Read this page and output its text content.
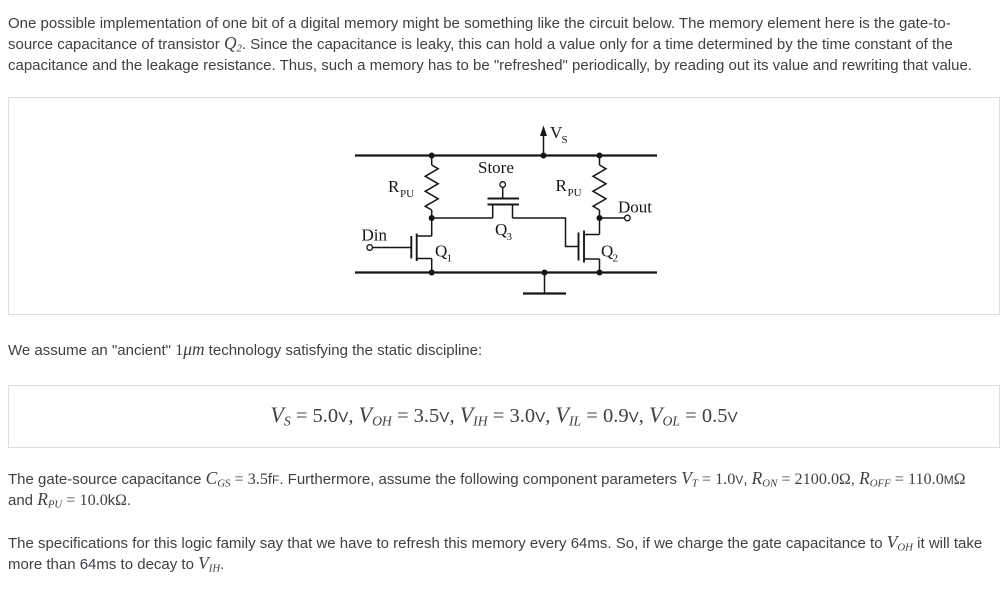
One possible implementation of one bit of a digital memory might be something like the circuit below. The memory element here is the gate-to-source capacitance of transistor Q2. Since the capacitance is leaky, this can hold a value only for a time determined by the time constant of the capacitance and the leakage resistance. Thus, such a memory has to be "refreshed" periodically, by reading out its value and rewriting that value.

V S
R PU	R PU
Store
Q 3
Din
Q 1	Q 2
Dout

We assume an "ancient" 1μm technology satisfying the static discipline:

VS = 5.0V, VOH = 3.5V, VIH = 3.0V, VIL = 0.9V, VOL = 0.5V

The gate-source capacitance CGS = 3.5fF. Furthermore, assume the following component parameters VT = 1.0V, RON = 2100.0Ω, ROFF = 110.0MΩ and RPU = 10.0kΩ.

The specifications for this logic family say that we have to refresh this memory every 64ms. So, if we charge the gate capacitance to VOH it will take more than 64ms to decay to VIH.
